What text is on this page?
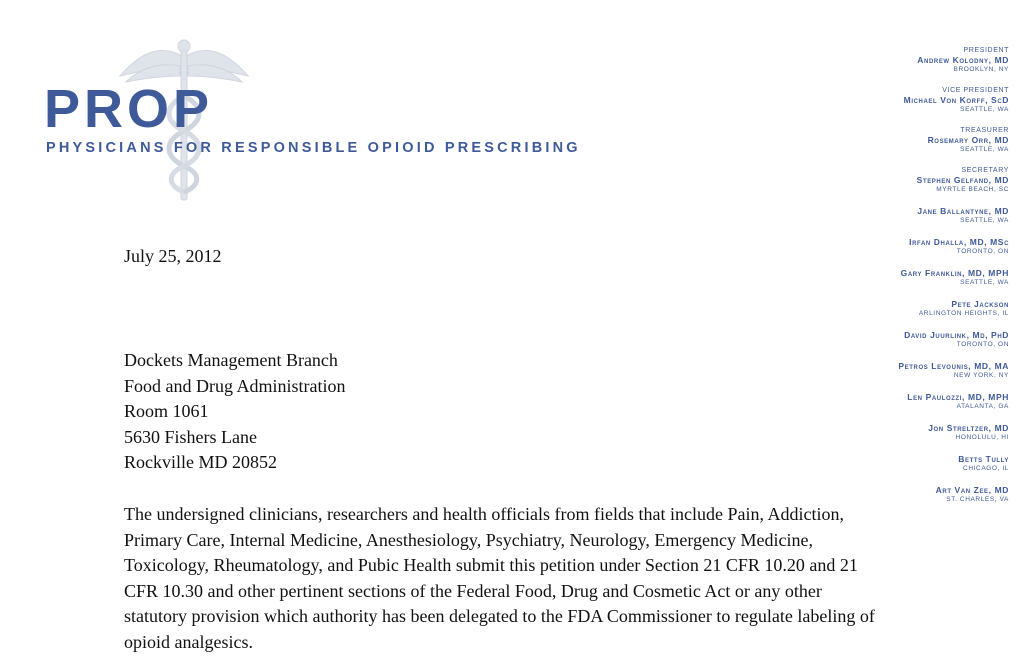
PROP
PHYSICIANS FOR RESPONSIBLE OPIOID PRESCRIBING
PRESIDENT
Andrew Kolodny, MD
BROOKLYN, NY
VICE PRESIDENT
Michael Von Korff, ScD
SEATTLE, WA
TREASURER
Rosemary Orr, MD
SEATTLE, WA
SECRETARY
Stephen Gelfand, MD
MYRTLE BEACH, SC
Jane Ballantyne, MD
SEATTLE, WA
Irfan Dhalla, MD, MSc
TORONTO, ON
Gary Franklin, MD, MPH
SEATTLE, WA
Pete Jackson
ARLINGTON HEIGHTS, IL
David Juurlink, Md, PhD
TORONTO, ON
Petros Levounis, MD, MA
NEW YORK, NY
Len Paulozzi, MD, MPH
ATALANTA, GA
Jon Streltzer, MD
HONOLULU, HI
Betts Tully
CHICAGO, IL
Art Van Zee, MD
ST. CHARLES, VA
July 25, 2012
Dockets Management Branch
Food and Drug Administration
Room 1061
5630 Fishers Lane
Rockville MD 20852
The undersigned clinicians, researchers and health officials from fields that include Pain, Addiction,
Primary Care, Internal Medicine, Anesthesiology, Psychiatry, Neurology, Emergency Medicine,
Toxicology, Rheumatology, and Pubic Health submit this petition under Section 21 CFR 10.20 and 21
CFR 10.30 and other pertinent sections of the Federal Food, Drug and Cosmetic Act or any other
statutory provision which authority has been delegated to the FDA Commissioner to regulate labeling of
opioid analgesics.
